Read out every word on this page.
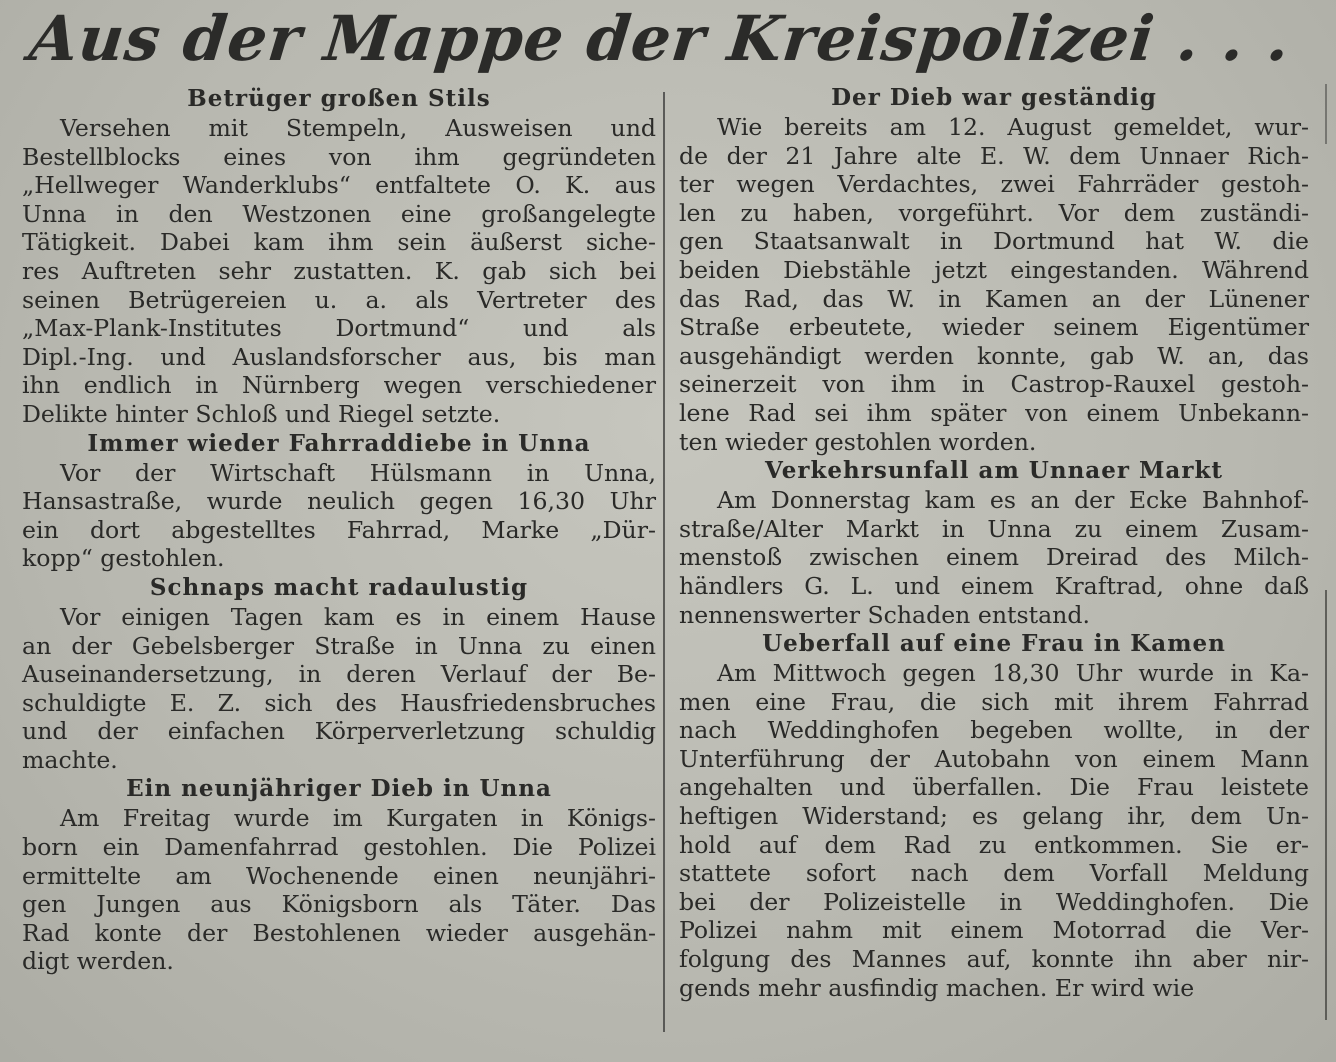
Aus der Mappe der Kreispolizei . . .
Betrüger großen Stils
Versehen mit Stempeln, Ausweisen und
Bestellblocks eines von ihm gegründeten
„Hellweger Wanderklubs“ entfaltete O. K. aus
Unna in den Westzonen eine großangelegte
Tätigkeit. Dabei kam ihm sein äußerst siche-
res Auftreten sehr zustatten. K. gab sich bei
seinen Betrügereien u. a. als Vertreter des
„Max-Plank-Institutes Dortmund“ und als
Dipl.-Ing. und Auslandsforscher aus, bis man
ihn endlich in Nürnberg wegen verschiedener
Delikte hinter Schloß und Riegel setzte.
Immer wieder Fahrraddiebe in Unna
Vor der Wirtschaft Hülsmann in Unna,
Hansastraße, wurde neulich gegen 16,30 Uhr
ein dort abgestelltes Fahrrad, Marke „Dür-
kopp“ gestohlen.
Schnaps macht radaulustig
Vor einigen Tagen kam es in einem Hause
an der Gebelsberger Straße in Unna zu einen
Auseinandersetzung, in deren Verlauf der Be-
schuldigte E. Z. sich des Hausfriedensbruches
und der einfachen Körperverletzung schuldig
machte.
Ein neunjähriger Dieb in Unna
Am Freitag wurde im Kurgaten in Königs-
born ein Damenfahrrad gestohlen. Die Polizei
ermittelte am Wochenende einen neunjähri-
gen Jungen aus Königsborn als Täter. Das
Rad konte der Bestohlenen wieder ausgehän-
digt werden.
Der Dieb war geständig
Wie bereits am 12. August gemeldet, wur-
de der 21 Jahre alte E. W. dem Unnaer Rich-
ter wegen Verdachtes, zwei Fahrräder gestoh-
len zu haben, vorgeführt. Vor dem zuständi-
gen Staatsanwalt in Dortmund hat W. die
beiden Diebstähle jetzt eingestanden. Während
das Rad, das W. in Kamen an der Lünener
Straße erbeutete, wieder seinem Eigentümer
ausgehändigt werden konnte, gab W. an, das
seinerzeit von ihm in Castrop-Rauxel gestoh-
lene Rad sei ihm später von einem Unbekann-
ten wieder gestohlen worden.
Verkehrsunfall am Unnaer Markt
Am Donnerstag kam es an der Ecke Bahnhof-
straße/Alter Markt in Unna zu einem Zusam-
menstoß zwischen einem Dreirad des Milch-
händlers G. L. und einem Kraftrad, ohne daß
nennenswerter Schaden entstand.
Ueberfall auf eine Frau in Kamen
Am Mittwoch gegen 18,30 Uhr wurde in Ka-
men eine Frau, die sich mit ihrem Fahrrad
nach Weddinghofen begeben wollte, in der
Unterführung der Autobahn von einem Mann
angehalten und überfallen. Die Frau leistete
heftigen Widerstand; es gelang ihr, dem Un-
hold auf dem Rad zu entkommen. Sie er-
stattete sofort nach dem Vorfall Meldung
bei der Polizeistelle in Weddinghofen. Die
Polizei nahm mit einem Motorrad die Ver-
folgung des Mannes auf, konnte ihn aber nir-
gends mehr ausfindig machen. Er wird wie
